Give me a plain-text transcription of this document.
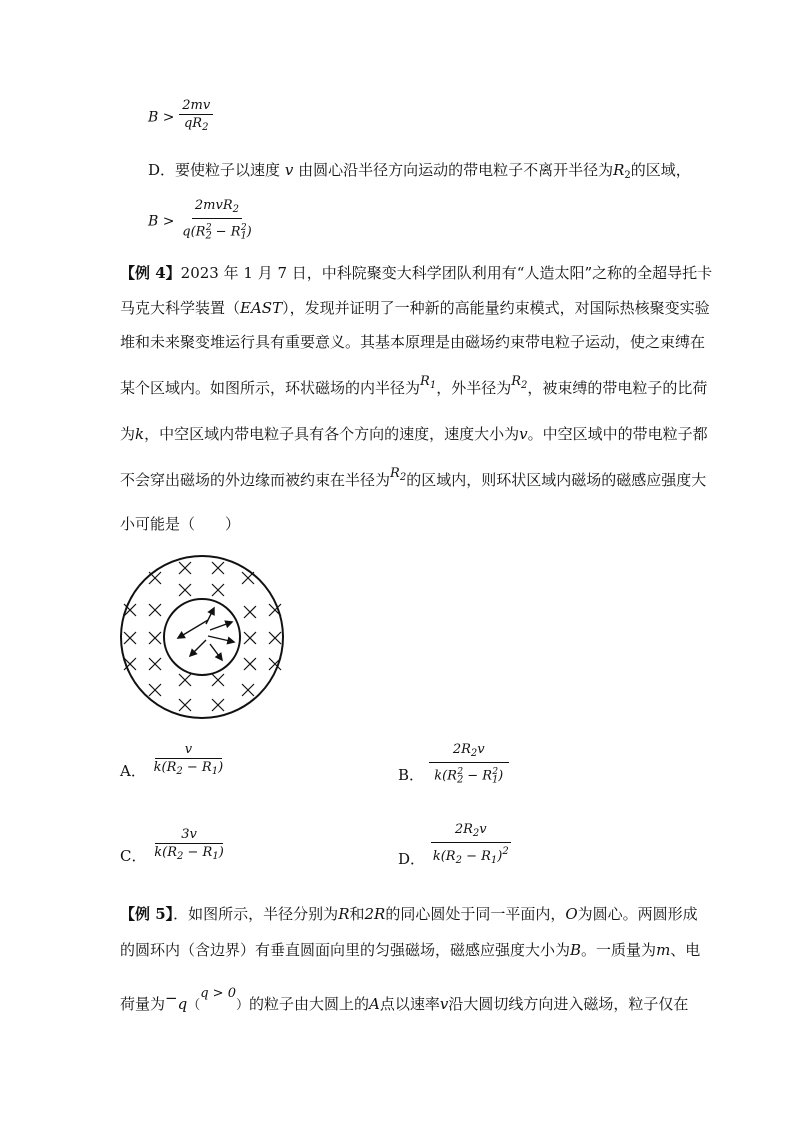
$B > \frac{2mv}{qR_2}$
D．要使粒子以速度 v 由圆心沿半径方向运动的带电粒子不离开半径为$R_2$的区域，
$B > \frac{2mvR_2}{q(R_2^2 - R_1^2)}$
【例 4】2023 年 1 月 7 日，中科院聚变大科学团队利用有“人造太阳”之称的全超导托卡
马克大科学装置（EAST），发现并证明了一种新的高能量约束模式，对国际热核聚变实验
堆和未来聚变堆运行具有重要意义。其基本原理是由磁场约束带电粒子运动，使之束缚在
某个区域内。如图所示，环状磁场的内半径为$R_1$，外半径为$R_2$，被束缚的带电粒子的比荷
为k，中空区域内带电粒子具有各个方向的速度，速度大小为v。中空区域中的带电粒子都
不会穿出磁场的外边缘而被约束在半径为$R_2$的区域内，则环状区域内磁场的磁感应强度大
小可能是（　　）
A． $\frac{v}{k(R_2 - R_1)}$	B． $\frac{2R_2v}{k(R_2^2 - R_1^2)}$
C． $\frac{3v}{k(R_2 - R_1)}$	D． $\frac{2R_2v}{k(R_2 - R_1)^2}$
【例 5】．如图所示，半径分别为R和2R的同心圆处于同一平面内，O为圆心。两圆形成
的圆环内（含边界）有垂直圆面向里的匀强磁场，磁感应强度大小为B。一质量为m、电
荷量为−q（q > 0）的粒子由大圆上的A点以速率v沿大圆切线方向进入磁场，粒子仅在
